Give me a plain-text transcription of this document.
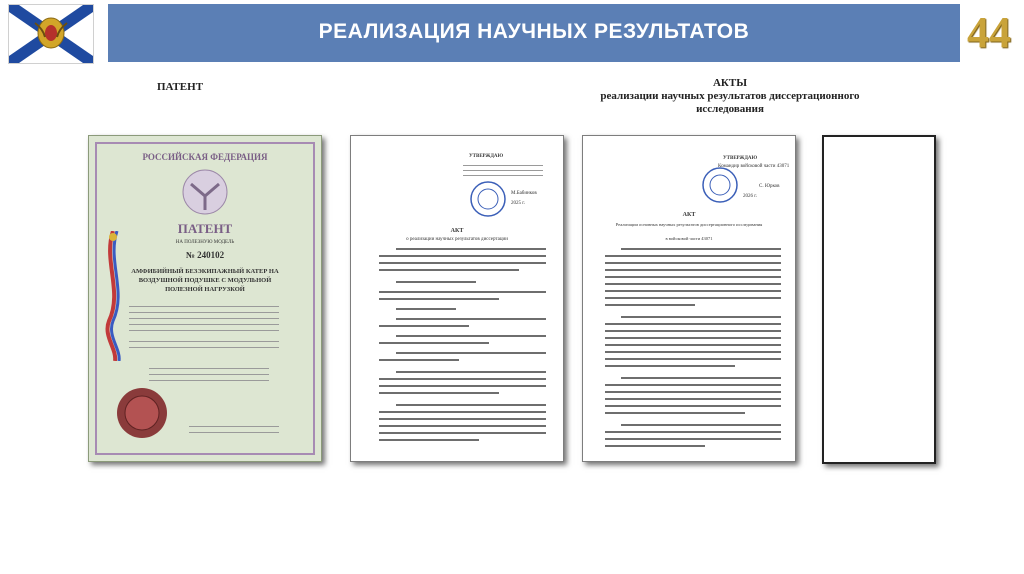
РЕАЛИЗАЦИЯ НАУЧНЫХ РЕЗУЛЬТАТОВ	44
ПАТЕНТ	АКТЫ
реализации научных результатов диссертационного
исследования
РОССИЙСКАЯ ФЕДЕРАЦИЯ
ПАТЕНТ
НА ПОЛЕЗНУЮ МОДЕЛЬ
№ 240102
АМФИБИЙНЫЙ БЕЗЭКИПАЖНЫЙ КАТЕР НА
ВОЗДУШНОЙ ПОДУШКЕ С МОДУЛЬНОЙ
ПОЛЕЗНОЙ НАГРУЗКОЙ
УТВЕРЖДАЮ
М.Бабинков
2025 г.
АКТ
о реализации научных результатов диссертации
УТВЕРЖДАЮ
Командир войсковой части 43071
С. Юрков
2026 г.
АКТ
Реализации основных научных результатов диссертационного исследования
в войсковой части 43071
